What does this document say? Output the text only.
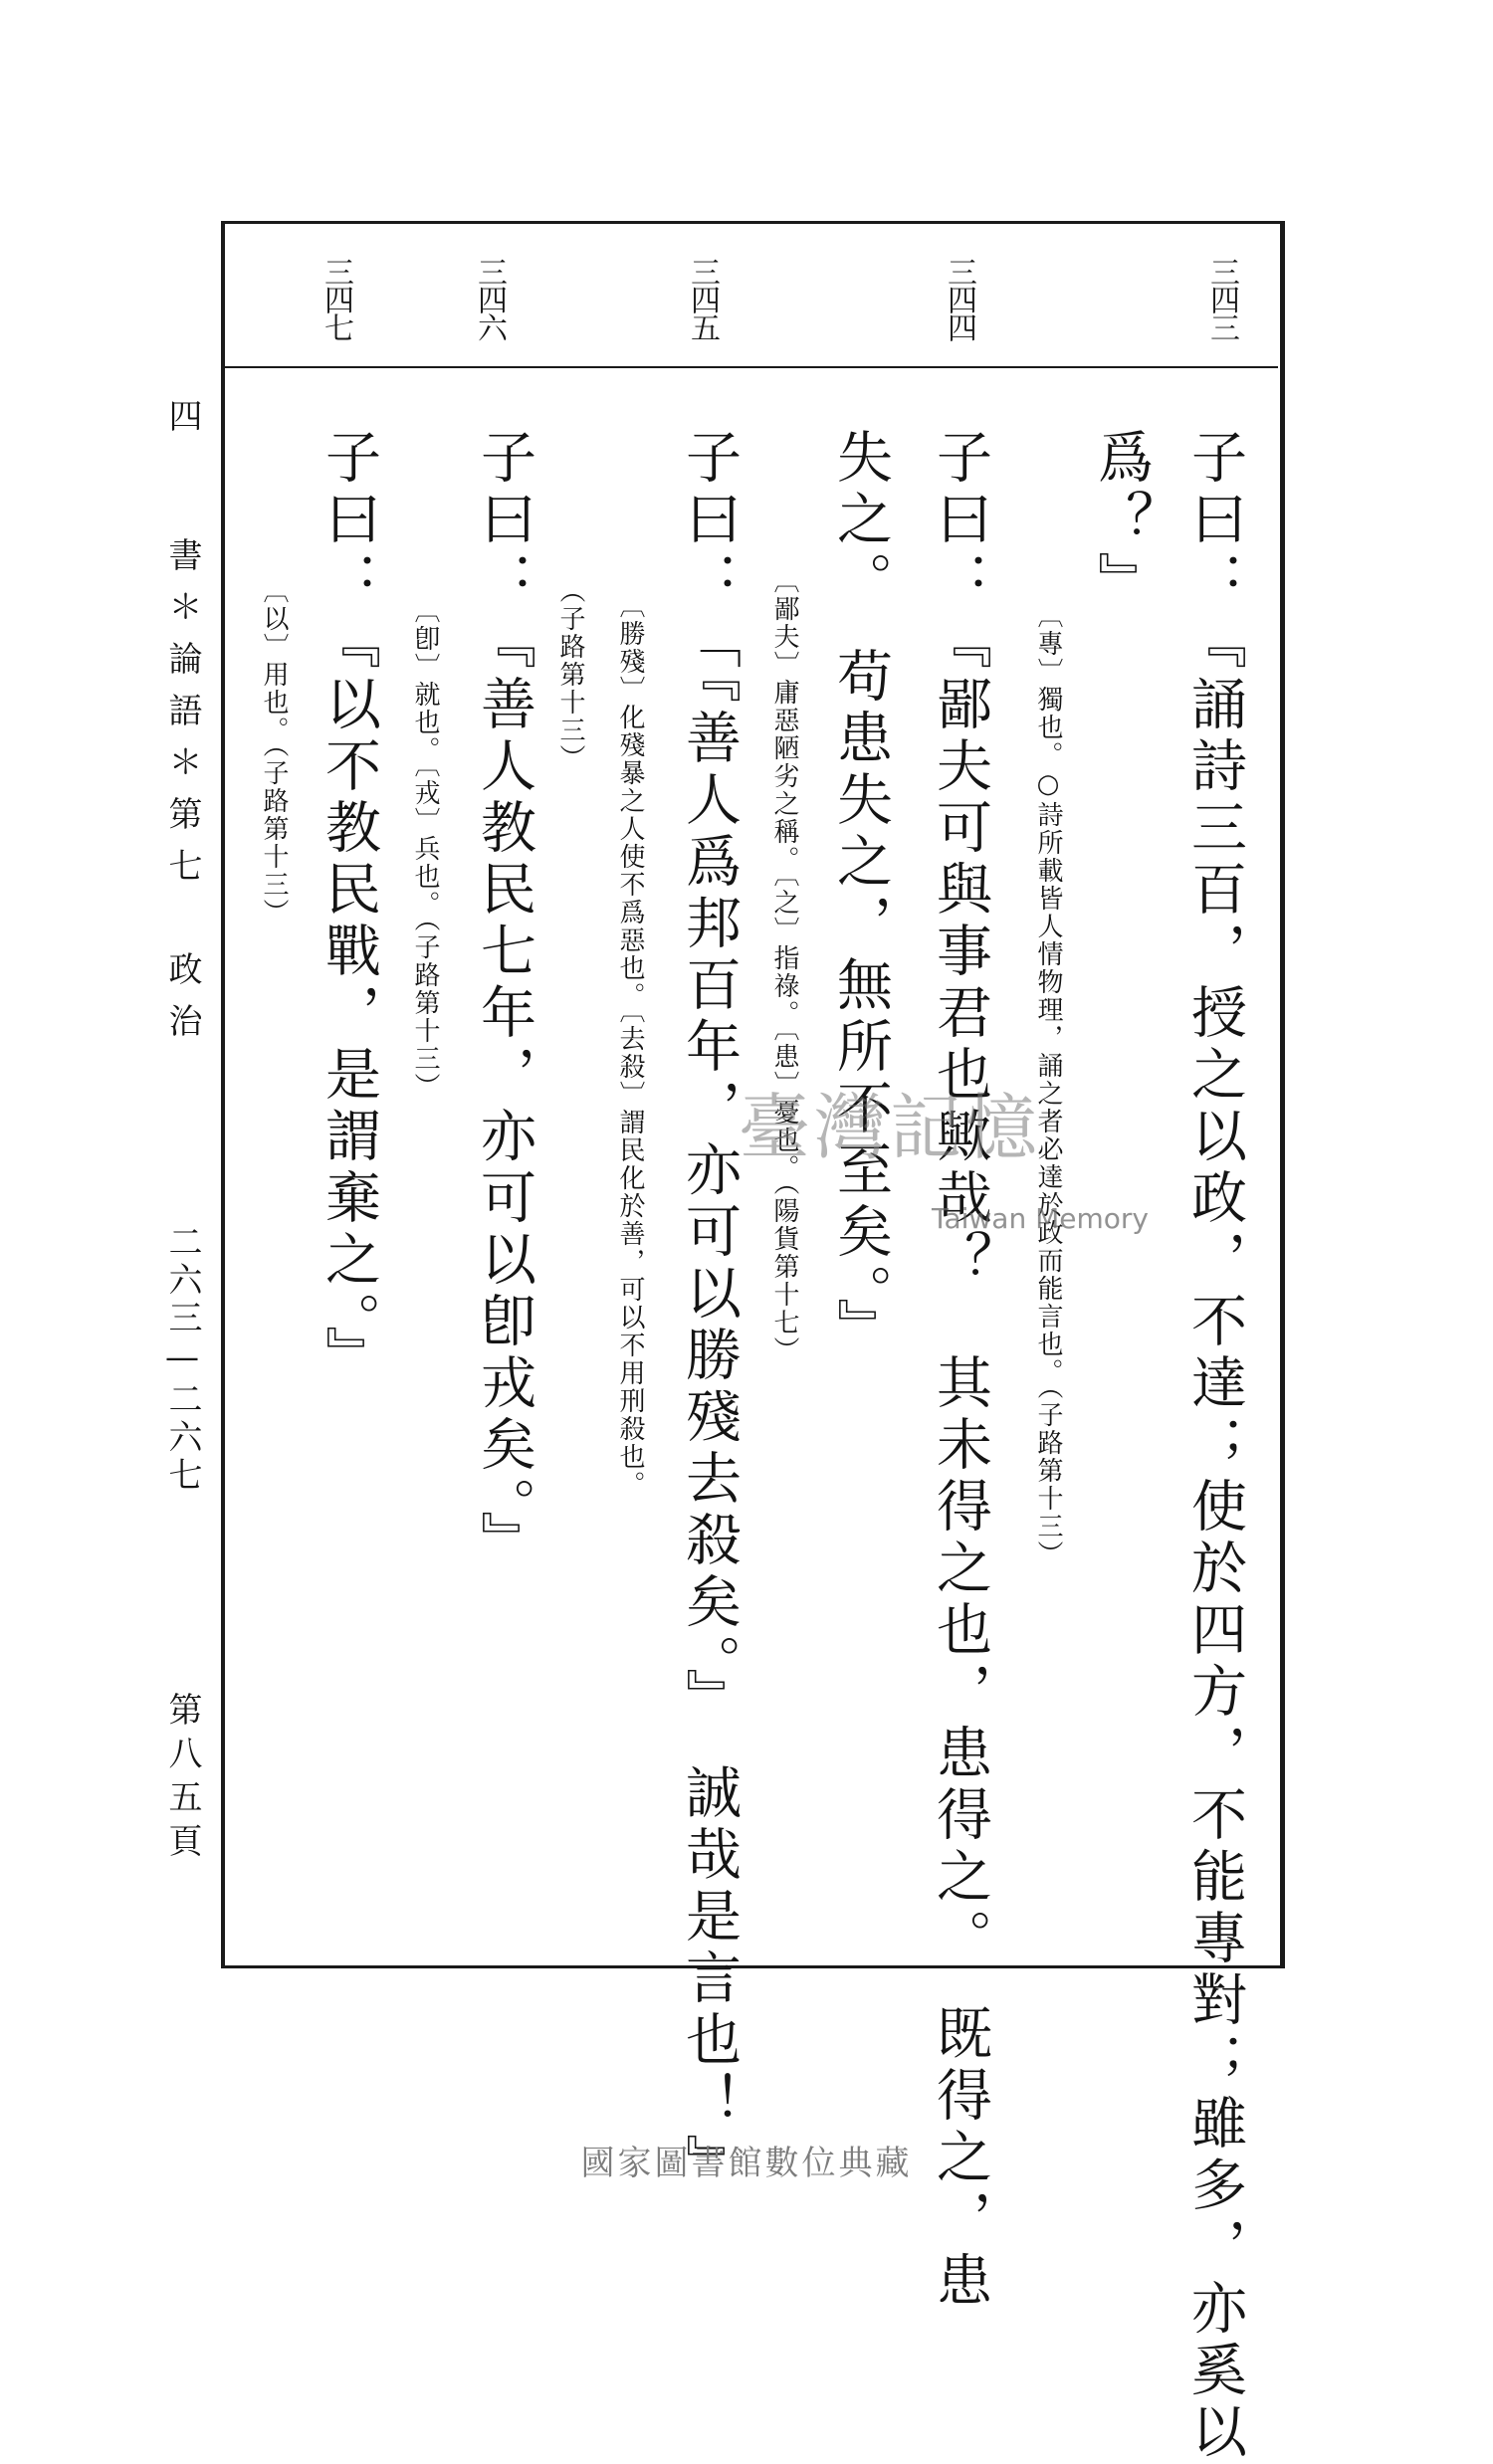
三四三
三四四
三四五
三四六
三四七
子曰：『誦詩三百，授之以政，不達；使於四方，不能專對；雖多，亦奚以
爲？』
〔專〕獨也。○詩所載皆人情物理，誦之者必達於政而能言也。（子路第十三）
子曰：『鄙夫可與事君也歟哉？　其未得之也，患得之。　既得之，患
失之。　苟患失之，無所不至矣。』
〔鄙夫〕庸惡陋劣之稱。〔之〕指祿。〔患〕憂也。（陽貨第十七）
子曰：「『善人爲邦百年，亦可以勝殘去殺矣。』　誠哉是言也！』
〔勝殘〕化殘暴之人使不爲惡也。〔去殺〕謂民化於善，可以不用刑殺也。
（子路第十三）
子曰：『善人教民七年，亦可以卽戎矣。』
〔卽〕就也。〔戎〕兵也。（子路第十三）
子曰：『以不教民戰，是謂棄之。』
〔以〕用也。（子路第十三）
四
書＊論語＊第七　政治
二六三—二六七
第八五頁
臺灣記憶
Taiwan Memory
國家圖書館數位典藏
